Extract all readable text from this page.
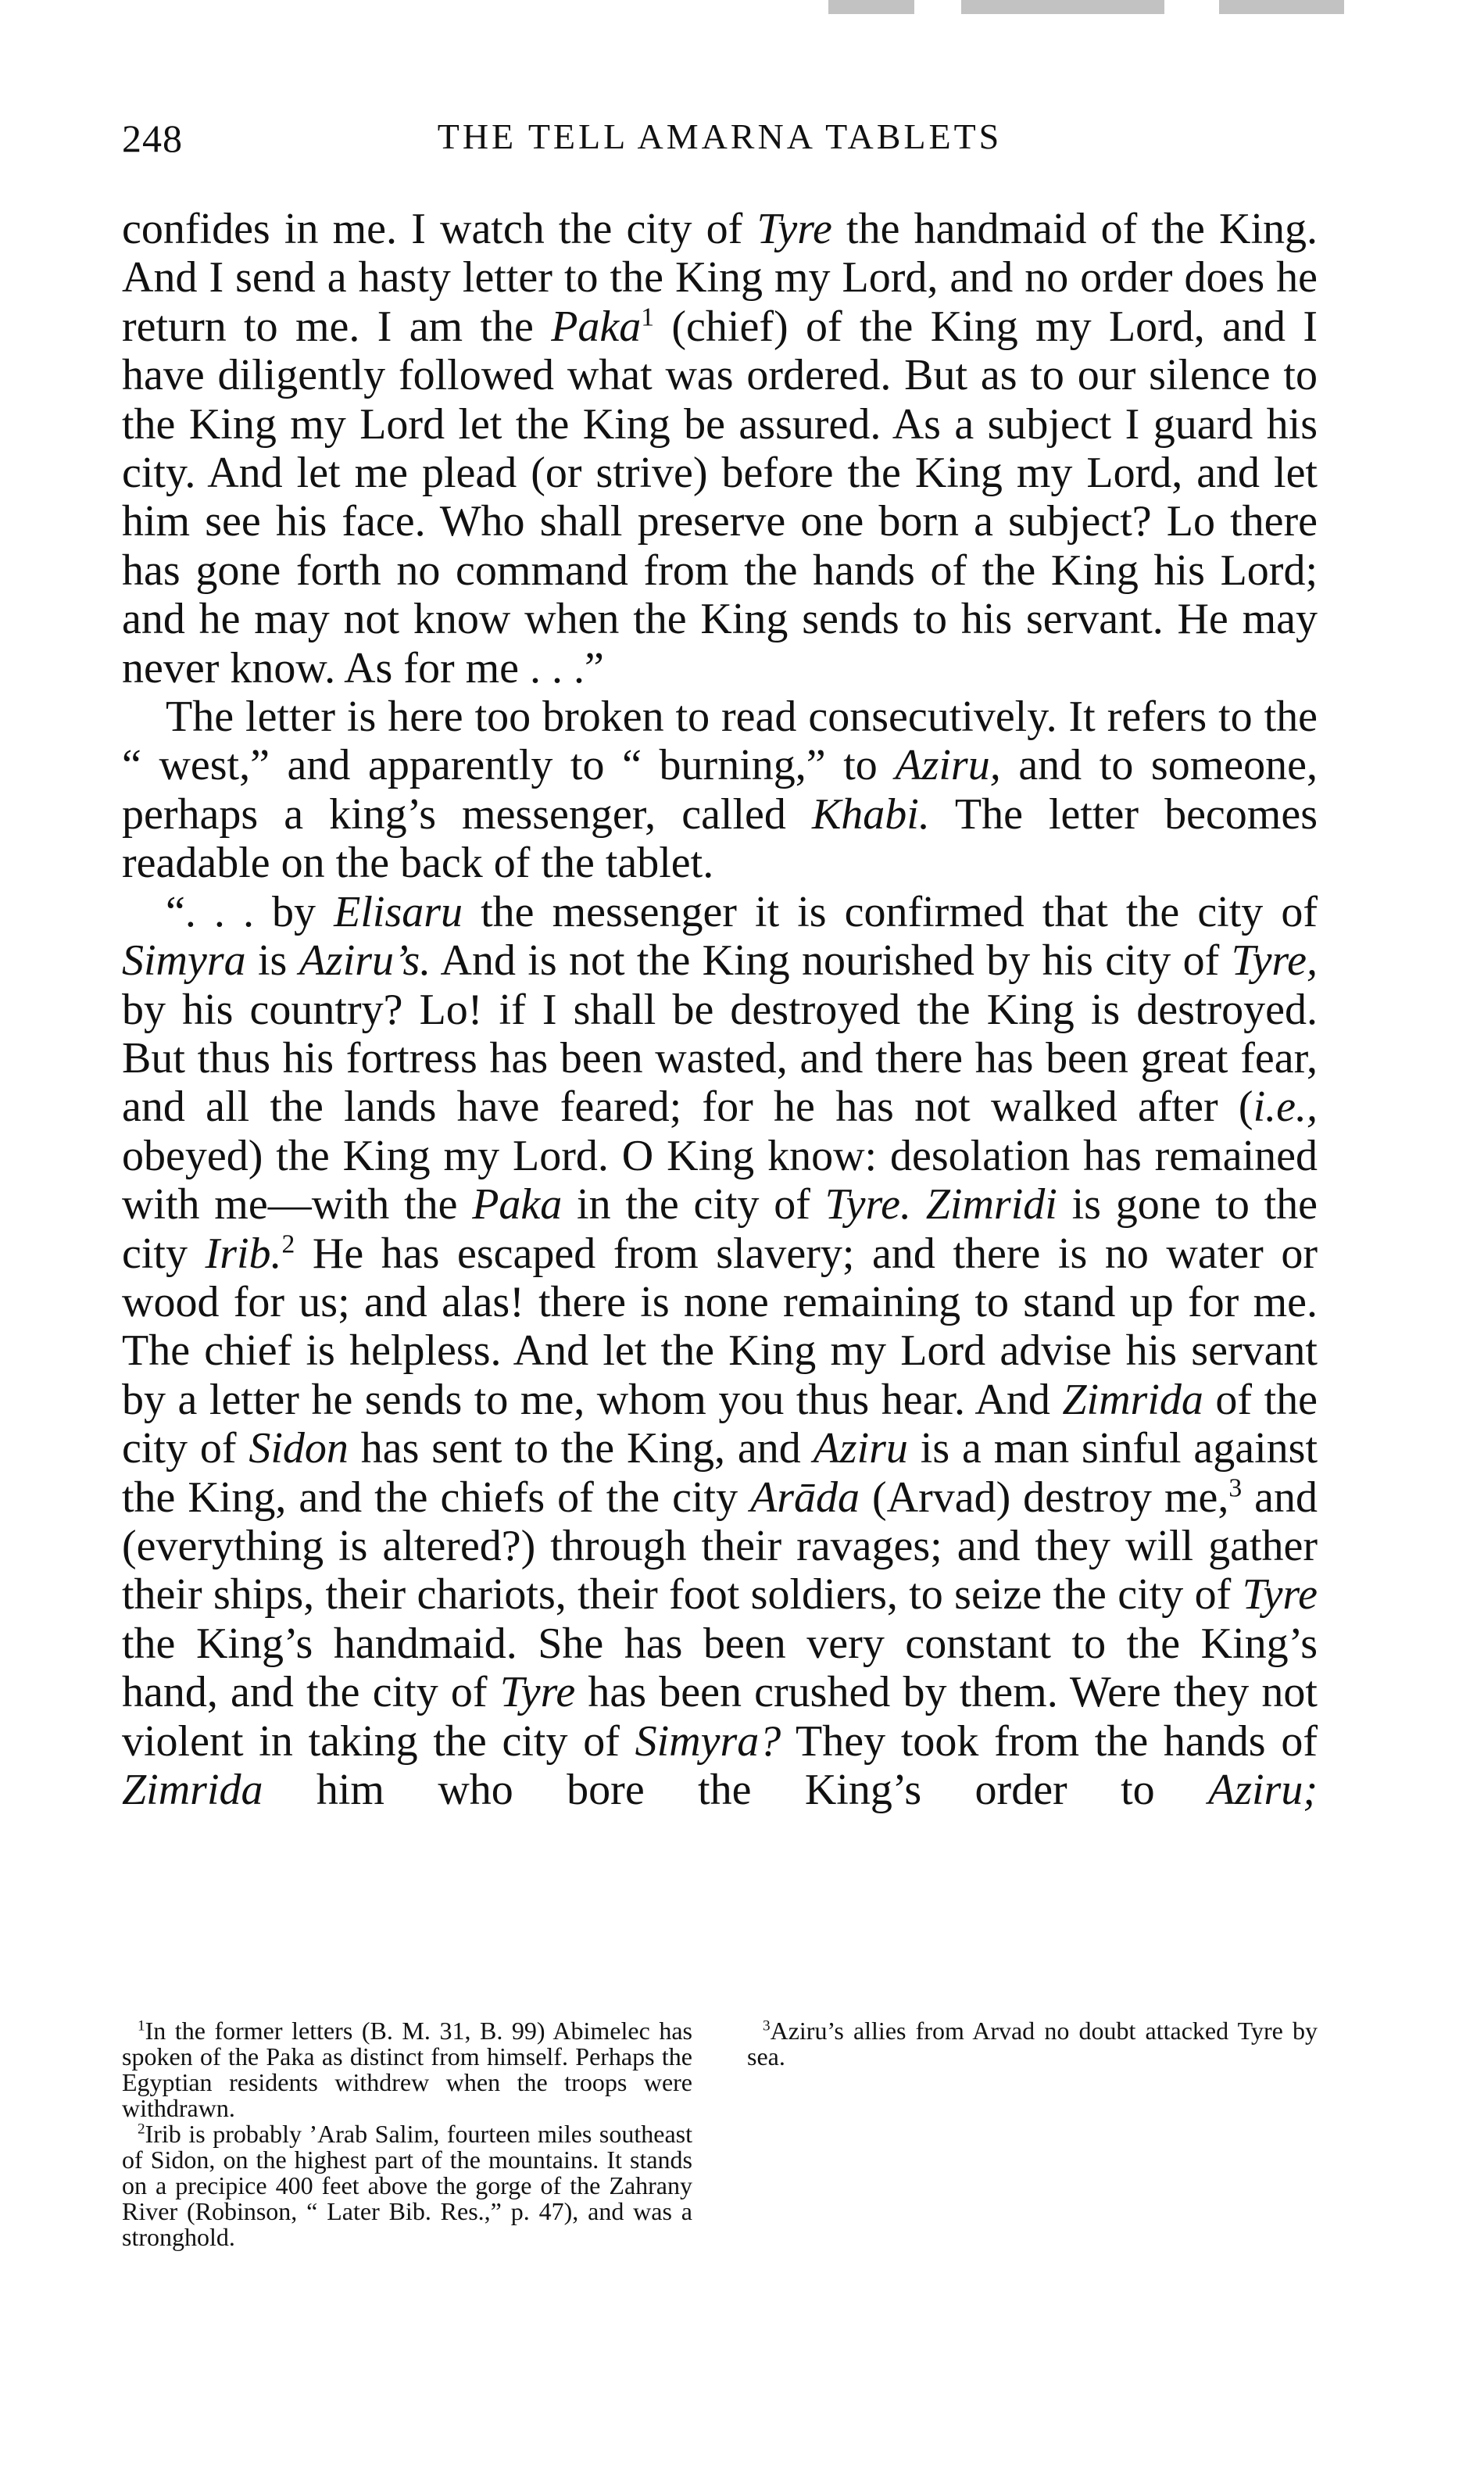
248	THE TELL AMARNA TABLETS

confides in me. I watch the city of Tyre the handmaid of the King. And I send a hasty letter to the King my Lord, and no order does he return to me. I am the Paka$^1$ (chief) of the King my Lord, and I have diligently followed what was ordered. But as to our silence to the King my Lord let the King be assured. As a subject I guard his city. And let me plead (or strive) before the King my Lord, and let him see his face. Who shall preserve one born a subject? Lo there has gone forth no command from the hands of the King his Lord; and he may not know when the King sends to his servant. He may never know. As for me . . .”

The letter is here too broken to read consecutively. It refers to the “ west,” and apparently to “ burning,” to Aziru, and to someone, perhaps a king’s messenger, called Khabi. The letter becomes readable on the back of the tablet.

“. . . by Elisaru the messenger it is confirmed that the city of Simyra is Aziru’s. And is not the King nourished by his city of Tyre, by his country? Lo! if I shall be destroyed the King is destroyed. But thus his fortress has been wasted, and there has been great fear, and all the lands have feared; for he has not walked after (i.e., obeyed) the King my Lord. O King know: desolation has remained with me—with the Paka in the city of Tyre. Zimridi is gone to the city Irib.$^2$ He has escaped from slavery; and there is no water or wood for us; and alas! there is none remaining to stand up for me. The chief is helpless. And let the King my Lord advise his servant by a letter he sends to me, whom you thus hear. And Zimrida of the city of Sidon has sent to the King, and Aziru is a man sinful against the King, and the chiefs of the city Arāda (Arvad) destroy me,$^3$ and (everything is altered?) through their ravages; and they will gather their ships, their chariots, their foot soldiers, to seize the city of Tyre the King’s handmaid. She has been very constant to the King’s hand, and the city of Tyre has been crushed by them. Were they not violent in taking the city of Simyra? They took from the hands of Zimrida him who bore the King’s order to Aziru;

$^1$In the former letters (B. M. 31, B. 99) Abimelec has spoken of the Paka as distinct from himself. Perhaps the Egyptian residents withdrew when the troops were withdrawn.

$^2$Irib is probably ’Arab Salim, fourteen miles southeast of Sidon, on the highest part of the mountains. It stands on a precipice 400 feet above the gorge of the Zahrany River (Robinson, “ Later Bib. Res.,” p. 47), and was a stronghold.

$^3$Aziru’s allies from Arvad no doubt attacked Tyre by sea.
